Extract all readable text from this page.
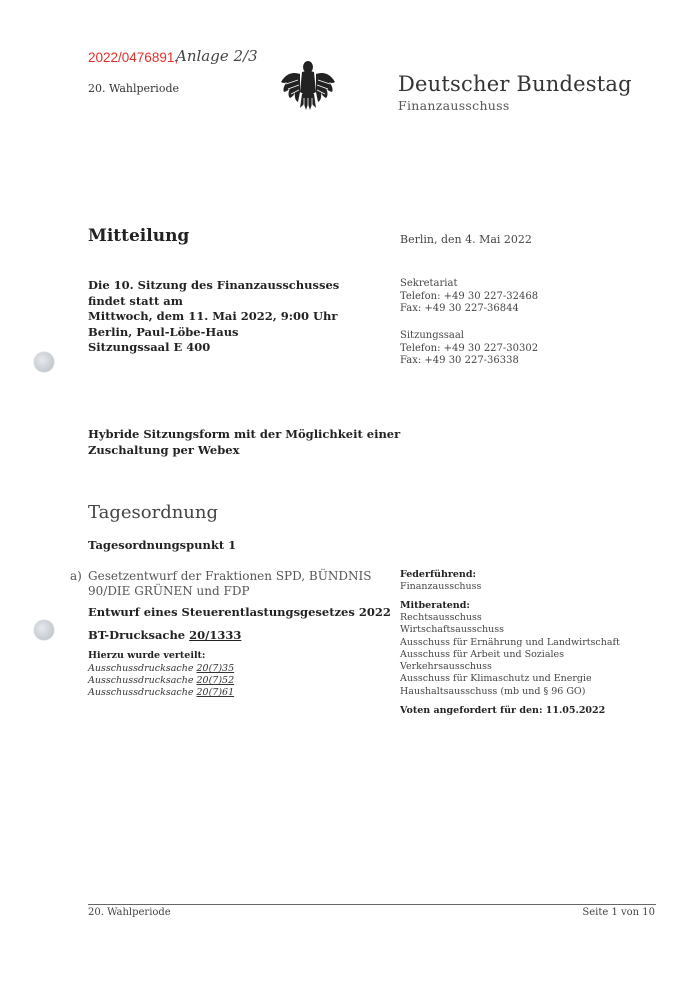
2022/0476891,
Anlage 2/3
20. Wahlperiode	Deutscher Bundestag
Finanzausschuss
Mitteilung	Berlin, den 4. Mai 2022
Die 10. Sitzung des Finanzausschusses
findet statt am
Mittwoch, dem 11. Mai 2022, 9:00 Uhr
Berlin, Paul-Löbe-Haus
Sitzungssaal E 400
Sekretariat
Telefon: +49 30 227-32468
Fax: +49 30 227-36844
Sitzungssaal
Telefon: +49 30 227-30302
Fax: +49 30 227-36338
Hybride Sitzungsform mit der Möglichkeit einer
Zuschaltung per Webex
Tagesordnung
Tagesordnungspunkt 1
a) Gesetzentwurf der Fraktionen SPD, BÜNDNIS
90/DIE GRÜNEN und FDP
Entwurf eines Steuerentlastungsgesetzes 2022
BT-Drucksache 20/1333
Hierzu wurde verteilt:
Ausschussdrucksache 20(7)35
Ausschussdrucksache 20(7)52
Ausschussdrucksache 20(7)61
Federführend:
Finanzausschuss
Mitberatend:
Rechtsausschuss
Wirtschaftsausschuss
Ausschuss für Ernährung und Landwirtschaft
Ausschuss für Arbeit und Soziales
Verkehrsausschuss
Ausschuss für Klimaschutz und Energie
Haushaltsausschuss (mb und § 96 GO)
Voten angefordert für den: 11.05.2022
20. Wahlperiode	Seite 1 von 10
